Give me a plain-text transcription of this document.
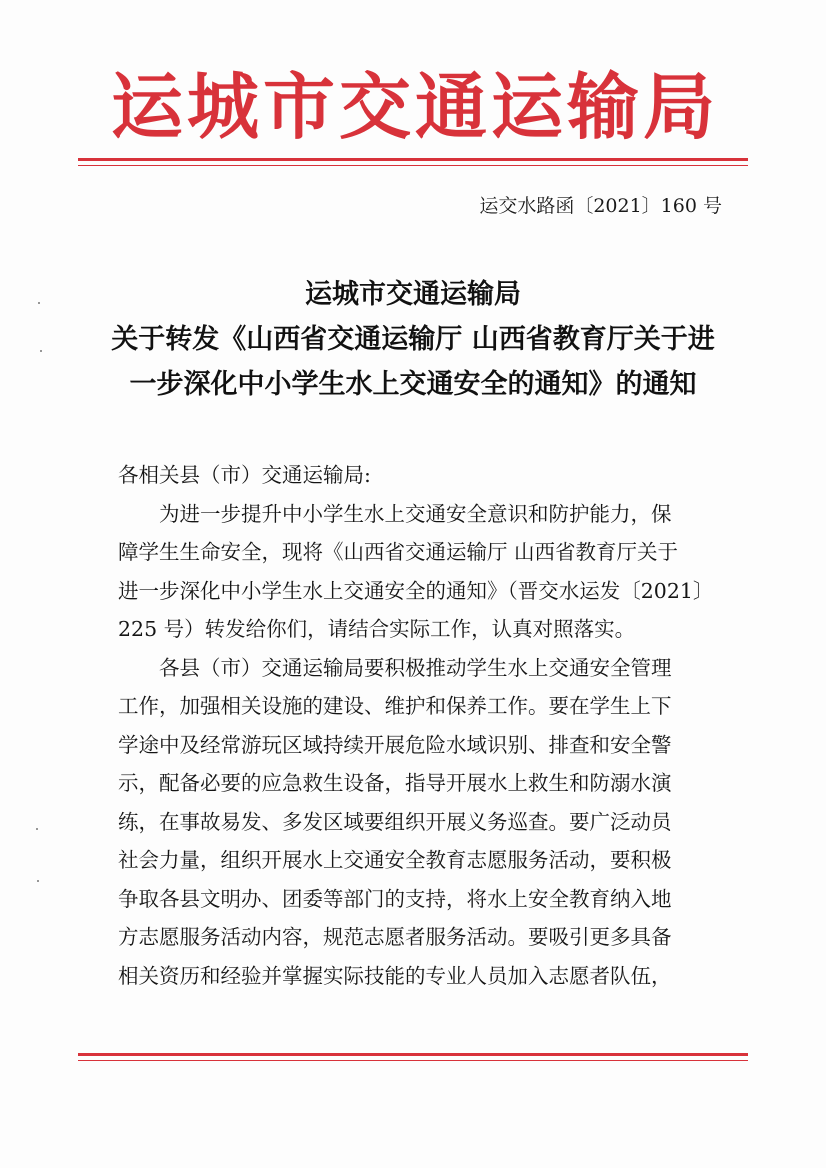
运城市交通运输局
运交水路函〔2021〕160 号
运城市交通运输局
关于转发《山西省交通运输厅 山西省教育厅关于进
一步深化中小学生水上交通安全的通知》的通知
各相关县（市）交通运输局:
为进一步提升中小学生水上交通安全意识和防护能力，保
障学生生命安全，现将《山西省交通运输厅 山西省教育厅关于
进一步深化中小学生水上交通安全的通知》（晋交水运发〔2021〕
225 号）转发给你们，请结合实际工作，认真对照落实。
各县（市）交通运输局要积极推动学生水上交通安全管理
工作，加强相关设施的建设、维护和保养工作。要在学生上下
学途中及经常游玩区域持续开展危险水域识别、排查和安全警
示，配备必要的应急救生设备，指导开展水上救生和防溺水演
练，在事故易发、多发区域要组织开展义务巡查。要广泛动员
社会力量，组织开展水上交通安全教育志愿服务活动，要积极
争取各县文明办、团委等部门的支持，将水上安全教育纳入地
方志愿服务活动内容，规范志愿者服务活动。要吸引更多具备
相关资历和经验并掌握实际技能的专业人员加入志愿者队伍，
